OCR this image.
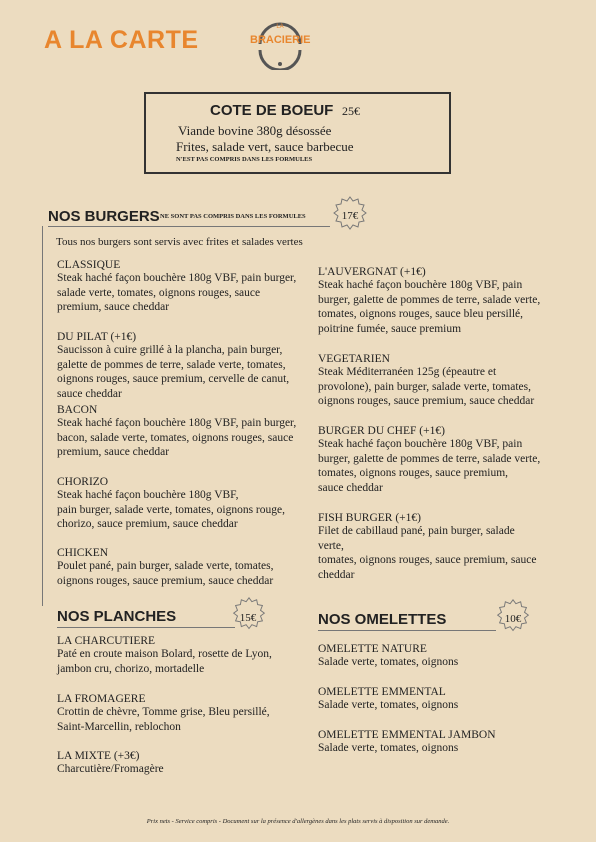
A LA CARTE	LA
BRACIERIE
COTE DE BOEUF 25€
Viande bovine 380g désossée
Frites, salade vert, sauce barbecue
N'EST PAS COMPRIS DANS LES FORMULES
NOS BURGERS NE SONT PAS COMPRIS DANS LES FORMULES	17€
Tous nos burgers sont servis avec frites et salades vertes

CLASSIQUE

Steak haché façon bouchère 180g VBF, pain burger,
salade verte, tomates, oignons rouges, sauce
premium, sauce cheddar

DU PILAT (+1€)

Saucisson à cuire grillé à la plancha, pain burger,
galette de pommes de terre, salade verte, tomates,
oignons rouges, sauce premium, cervelle de canut, sauce cheddar

BACON

Steak haché façon bouchère 180g VBF, pain burger,
bacon, salade verte, tomates, oignons rouges, sauce
premium, sauce cheddar

CHORIZO

Steak haché façon bouchère 180g VBF,
pain burger, salade verte, tomates, oignons rouge,
chorizo, sauce premium, sauce cheddar

CHICKEN

Poulet pané, pain burger, salade verte, tomates,
oignons rouges, sauce premium, sauce cheddar

L'AUVERGNAT (+1€)

Steak haché façon bouchère 180g VBF, pain
burger, galette de pommes de terre, salade verte,
tomates, oignons rouges, sauce bleu persillé,
poitrine fumée, sauce premium

VEGETARIEN

Steak Méditerranéen 125g (épeautre et
provolone), pain burger, salade verte, tomates,
oignons rouges, sauce premium, sauce cheddar

BURGER DU CHEF (+1€)

Steak haché façon bouchère 180g VBF, pain
burger, galette de pommes de terre, salade verte,
tomates, oignons rouges, sauce premium,
sauce cheddar

FISH BURGER (+1€)

Filet de cabillaud pané, pain burger, salade
verte,
tomates, oignons rouges, sauce premium, sauce
cheddar

NOS PLANCHES	15€

LA CHARCUTIERE

Paté en croute maison Bolard, rosette de Lyon,
jambon cru, chorizo, mortadelle

LA FROMAGERE

Crottin de chèvre, Tomme grise, Bleu persillé,
Saint-Marcellin, reblochon

LA MIXTE (+3€)

Charcutière/Fromagère

NOS OMELETTES	10€

OMELETTE NATURE

Salade verte, tomates, oignons

OMELETTE EMMENTAL

Salade verte, tomates, oignons

OMELETTE EMMENTAL JAMBON

Salade verte, tomates, oignons

Prix nets - Service compris - Document sur la présence d'allergènes dans les plats servis à disposition sur demande.
